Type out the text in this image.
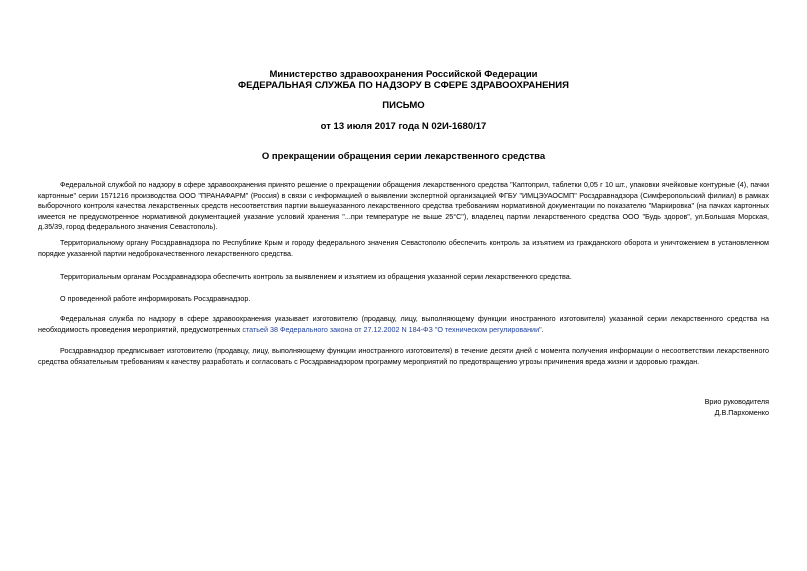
Министерство здравоохранения Российской Федерации
ФЕДЕРАЛЬНАЯ СЛУЖБА ПО НАДЗОРУ В СФЕРЕ ЗДРАВООХРАНЕНИЯ
ПИСЬМО
от 13 июля 2017 года N 02И-1680/17
О прекращении обращения серии лекарственного средства
Федеральной службой по надзору в сфере здравоохранения принято решение о прекращении обращения лекарственного средства "Каптоприл, таблетки 0,05 г 10 шт., упаковки ячейковые контурные (4), пачки картонные" серии 1571216 производства ООО "ПРАНАФАРМ" (Россия) в связи с информацией о выявлении экспертной организацией ФГБУ "ИМЦЭУАОСМП" Росздравнадзора (Симферопольский филиал) в рамках выборочного контроля качества лекарственных средств несоответствия партии вышеуказанного лекарственного средства требованиям нормативной документации по показателю "Маркировка" (на пачках картонных имеется не предусмотренное нормативной документацией указание условий хранения "...при температуре не выше 25°С"), владелец партии лекарственного средства ООО "Будь здоров", ул.Большая Морская, д.35/39, город федерального значения Севастополь).
Территориальному органу Росздравнадзора по Республике Крым и городу федерального значения Севастополю обеспечить контроль за изъятием из гражданского оборота и уничтожением в установленном порядке указанной партии недоброкачественного лекарственного средства.
Территориальным органам Росздравнадзора обеспечить контроль за выявлением и изъятием из обращения указанной серии лекарственного средства.
О проведенной работе информировать Росздравнадзор.
Федеральная служба по надзору в сфере здравоохранения указывает изготовителю (продавцу, лицу, выполняющему функции иностранного изготовителя) указанной серии лекарственного средства на необходимость проведения мероприятий, предусмотренных статьей 38 Федерального закона от 27.12.2002 N 184-ФЗ "О техническом регулировании".
Росздравнадзор предписывает изготовителю (продавцу, лицу, выполняющему функции иностранного изготовителя) в течение десяти дней с момента получения информации о несоответствии лекарственного средства обязательным требованиям к качеству разработать и согласовать с Росздравнадзором программу мероприятий по предотвращению угрозы причинения вреда жизни и здоровью граждан.
Врио руководителя
Д.В.Пархоменко
